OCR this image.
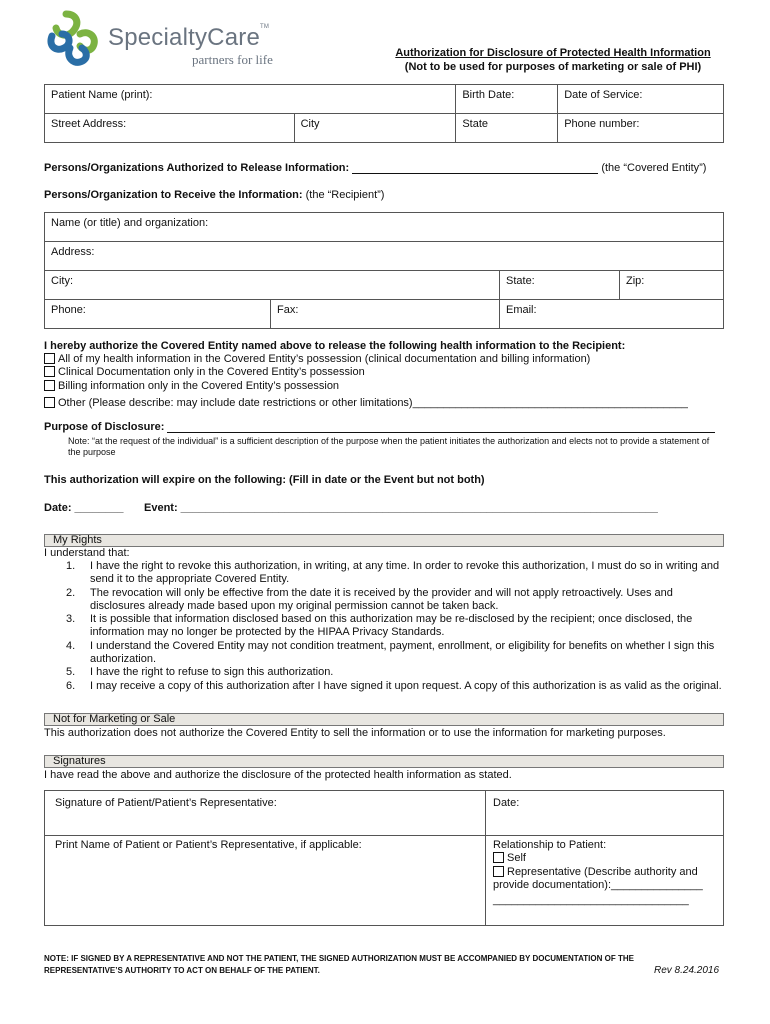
SpecialtyCare™
partners for life	Authorization for Disclosure of Protected Health Information
(Not to be used for purposes of marketing or sale of PHI)
Patient Name (print):		Birth Date:	Date of Service:
Street Address:	City	State	Phone number:
Persons/Organizations Authorized to Release Information:	(the “Covered Entity”)
Persons/Organization to Receive the Information: (the “Recipient”)
Name (or title) and organization:			
Address:			
City:		State:	Zip:
Phone:	Fax:	Email:	
I hereby authorize the Covered Entity named above to release the following health information to the Recipient:
All of my health information in the Covered Entity’s possession (clinical documentation and billing information)
Clinical Documentation only in the Covered Entity’s possession
Billing information only in the Covered Entity’s possession
Other (Please describe: may include date restrictions or other limitations)_____________________________________________
Purpose of Disclosure:
Note: “at the request of the individual” is a sufficient description of the purpose when the patient initiates the authorization and elects not to provide a statement of the purpose
This authorization will expire on the following: (Fill in date or the Event but not both)
Date: ________ Event: ______________________________________________________________________________
My Rights
I understand that:
1. I have the right to revoke this authorization, in writing, at any time. In order to revoke this authorization, I must do so in writing and send it to the appropriate Covered Entity.
2. The revocation will only be effective from the date it is received by the provider and will not apply retroactively. Uses and disclosures already made based upon my original permission cannot be taken back.
3. It is possible that information disclosed based on this authorization may be re-disclosed by the recipient; once disclosed, the information may no longer be protected by the HIPAA Privacy Standards.
4. I understand the Covered Entity may not condition treatment, payment, enrollment, or eligibility for benefits on whether I sign this authorization.
5. I have the right to refuse to sign this authorization.
6. I may receive a copy of this authorization after I have signed it upon request. A copy of this authorization is as valid as the original.
Not for Marketing or Sale
This authorization does not authorize the Covered Entity to sell the information or to use the information for marketing purposes.
Signatures
I have read the above and authorize the disclosure of the protected health information as stated.
Signature of Patient/Patient’s Representative:	Date:
Print Name of Patient or Patient’s Representative, if applicable:	Relationship to Patient:
Self
Representative (Describe authority and provide documentation):_______________
________________________________
NOTE: IF SIGNED BY A REPRESENTATIVE AND NOT THE PATIENT, THE SIGNED AUTHORIZATION MUST BE ACCOMPANIED BY DOCUMENTATION OF THE
REPRESENTATIVE’S AUTHORITY TO ACT ON BEHALF OF THE PATIENT.	Rev 8.24.2016
